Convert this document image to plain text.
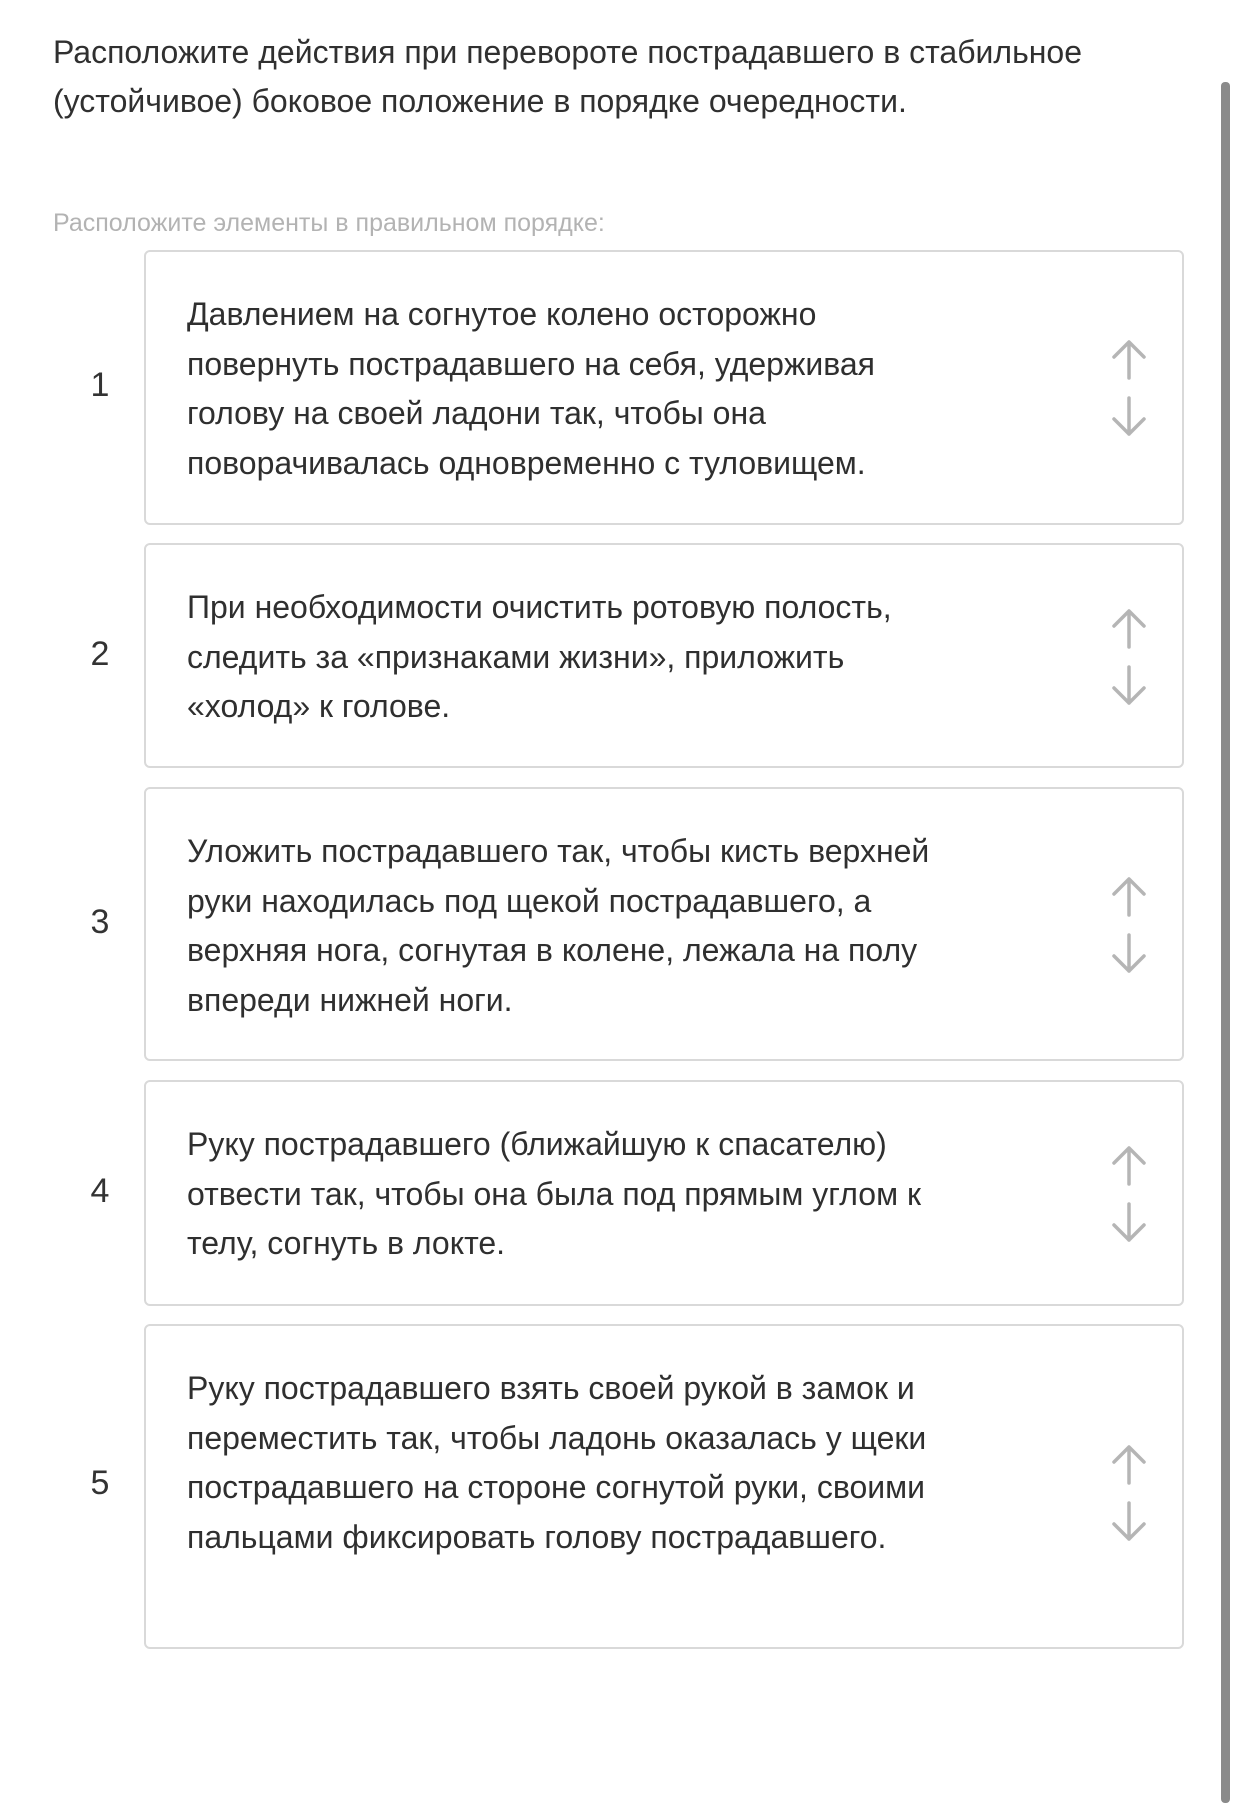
Расположите действия при перевороте пострадавшего в стабильное (устойчивое) боковое положение в порядке очередности.
Расположите элементы в правильном порядке:
1
Давлением на согнутое колено осторожно повернуть пострадавшего на себя, удерживая голову на своей ладони так, чтобы она поворачивалась одновременно с туловищем.
2
При необходимости очистить ротовую полость, следить за «признаками жизни», приложить «холод» к голове.
3
Уложить пострадавшего так, чтобы кисть верхней руки находилась под щекой пострадавшего, а верхняя нога, согнутая в колене, лежала на полу впереди нижней ноги.
4
Руку пострадавшего (ближайшую к спасателю) отвести так, чтобы она была под прямым углом к телу, согнуть в локте.
5
Руку пострадавшего взять своей рукой в замок и переместить так, чтобы ладонь оказалась у щеки пострадавшего на стороне согнутой руки, своими пальцами фиксировать голову пострадавшего.
